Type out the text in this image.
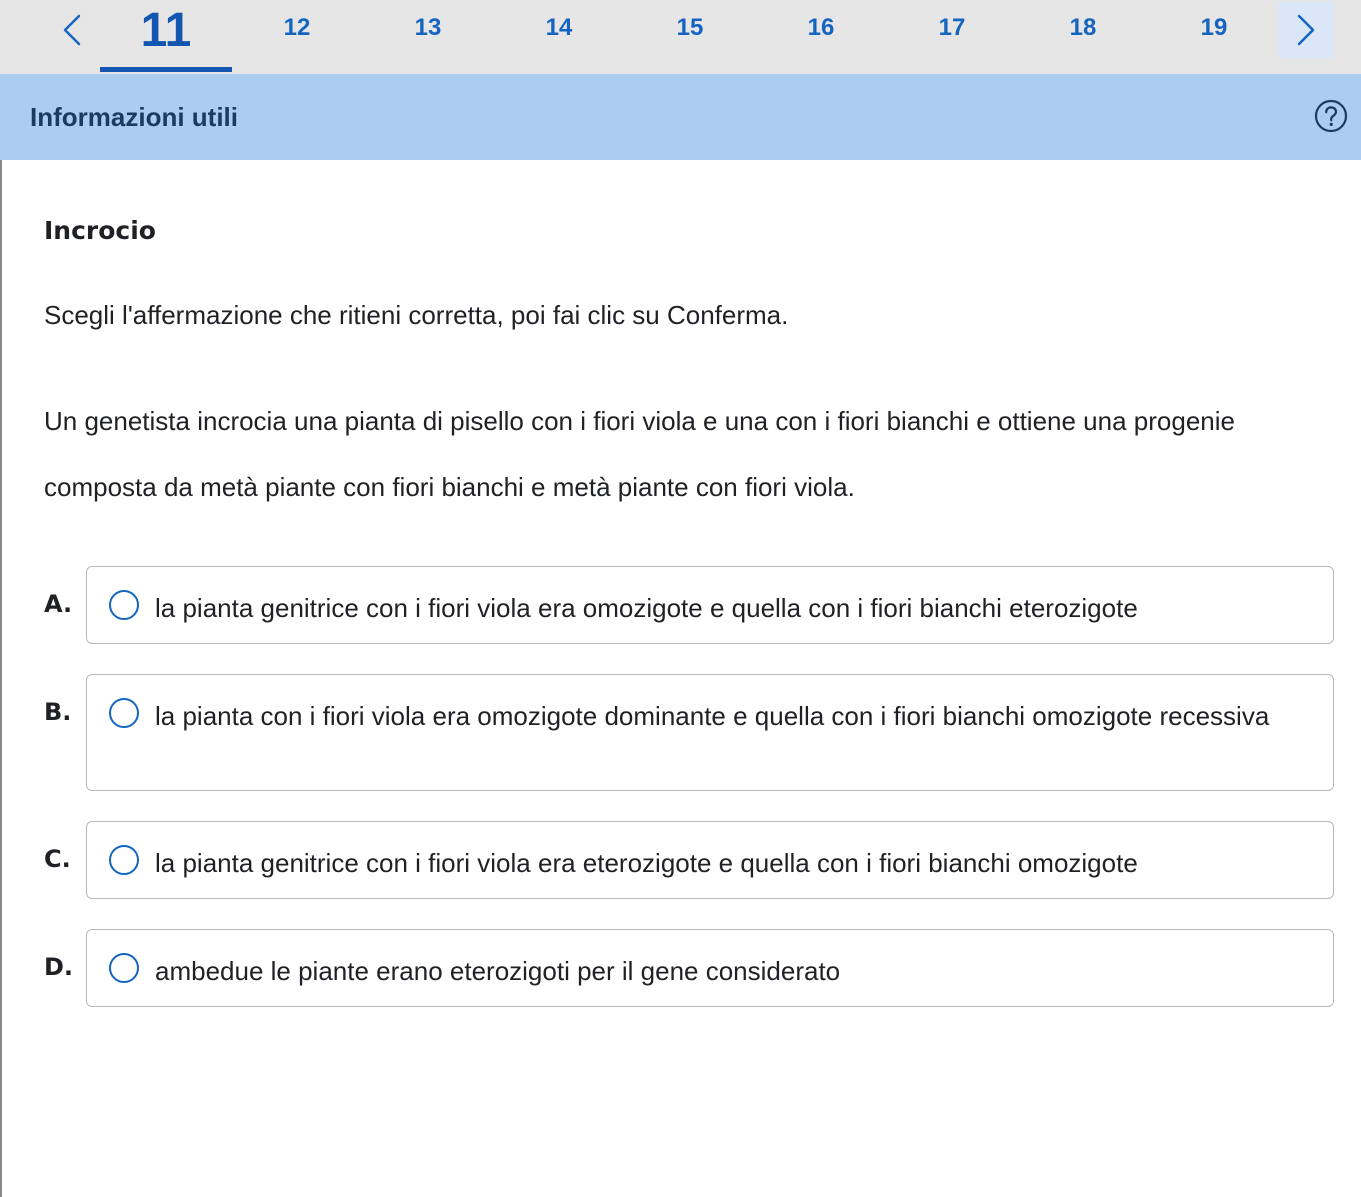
11	12	13	14	15	16	17	18	19
Informazioni utili
Incrocio
Scegli l'affermazione che ritieni corretta, poi fai clic su Conferma.
Un genetista incrocia una pianta di pisello con i fiori viola e una con i fiori bianchi e ottiene una progenie composta da metà piante con fiori bianchi e metà piante con fiori viola.
A.	la pianta genitrice con i fiori viola era omozigote e quella con i fiori bianchi eterozigote
B.	la pianta con i fiori viola era omozigote dominante e quella con i fiori bianchi omozigote recessiva
C.	la pianta genitrice con i fiori viola era eterozigote e quella con i fiori bianchi omozigote
D.	ambedue le piante erano eterozigoti per il gene considerato
